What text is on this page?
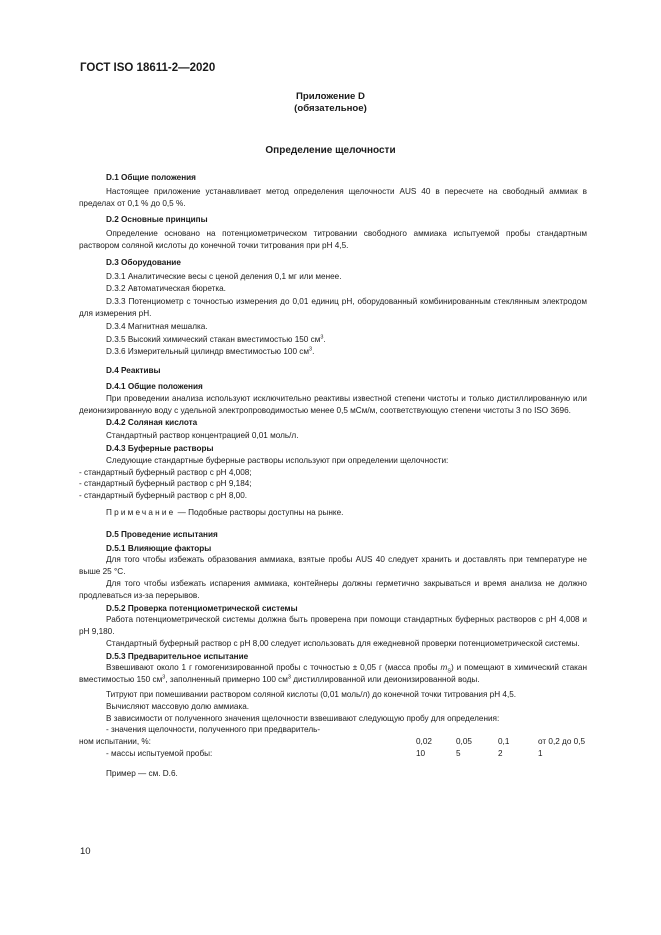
ГОСТ ISO 18611-2—2020
Приложение D
(обязательное)
Определение щелочности
D.1 Общие положения
Настоящее приложение устанавливает метод определения щелочности AUS 40 в пересчете на свободный аммиак в пределах от 0,1 % до 0,5 %.
D.2 Основные принципы
Определение основано на потенциометрическом титровании свободного аммиака испытуемой пробы стандартным раствором соляной кислоты до конечной точки титрования при pH 4,5.
D.3 Оборудование
D.3.1 Аналитические весы с ценой деления 0,1 мг или менее.
D.3.2 Автоматическая бюретка.
D.3.3 Потенциометр с точностью измерения до 0,01 единиц pH, оборудованный комбинированным стеклянным электродом для измерения pH.
D.3.4 Магнитная мешалка.
D.3.5 Высокий химический стакан вместимостью 150 $см^3$.
D.3.6 Измерительный цилиндр вместимостью 100 $см^3$.
D.4 Реактивы
D.4.1 Общие положения
При проведении анализа используют исключительно реактивы известной степени чистоты и только дистиллированную или деионизированную воду с удельной электропроводимостью менее 0,5 мСм/м, соответствующую степени чистоты 3 по ISO 3696.
D.4.2 Соляная кислота
Стандартный раствор концентрацией 0,01 моль/л.
D.4.3 Буферные растворы
Следующие стандартные буферные растворы используют при определении щелочности:
- стандартный буферный раствор с pH 4,008;
- стандартный буферный раствор с pH 9,184;
- стандартный буферный раствор с pH 8,00.
Примечание — Подобные растворы доступны на рынке.
D.5 Проведение испытания
D.5.1 Влияющие факторы
Для того чтобы избежать образования аммиака, взятые пробы AUS 40 следует хранить и доставлять при температуре не выше 25 °С.
Для того чтобы избежать испарения аммиака, контейнеры должны герметично закрываться и время анализа не должно продлеваться из-за перерывов.
D.5.2 Проверка потенциометрической системы
Работа потенциометрической системы должна быть проверена при помощи стандартных буферных растворов с pH 4,008 и pH 9,180.
Стандартный буферный раствор с pH 8,00 следует использовать для ежедневной проверки потенциометрической системы.
D.5.3 Предварительное испытание
Взвешивают около 1 г гомогенизированной пробы с точностью ± 0,05 г (масса пробы $m_S$) и помещают в химический стакан вместимостью 150 $см^3$, заполненный примерно 100 $см^3$ дистиллированной или деионизированной воды.
Титруют при помешивании раствором соляной кислоты (0,01 моль/л) до конечной точки титрования pH 4,5.
Вычисляют массовую долю аммиака.
В зависимости от полученного значения щелочности взвешивают следующую пробу для определения:
- значения щелочности, полученного при предваритель-				
ном испытании, %:	0,02	0,05	0,1	от 0,2 до 0,5
- массы испытуемой пробы:	10	5	2	1
Пример — см. D.6.
10
